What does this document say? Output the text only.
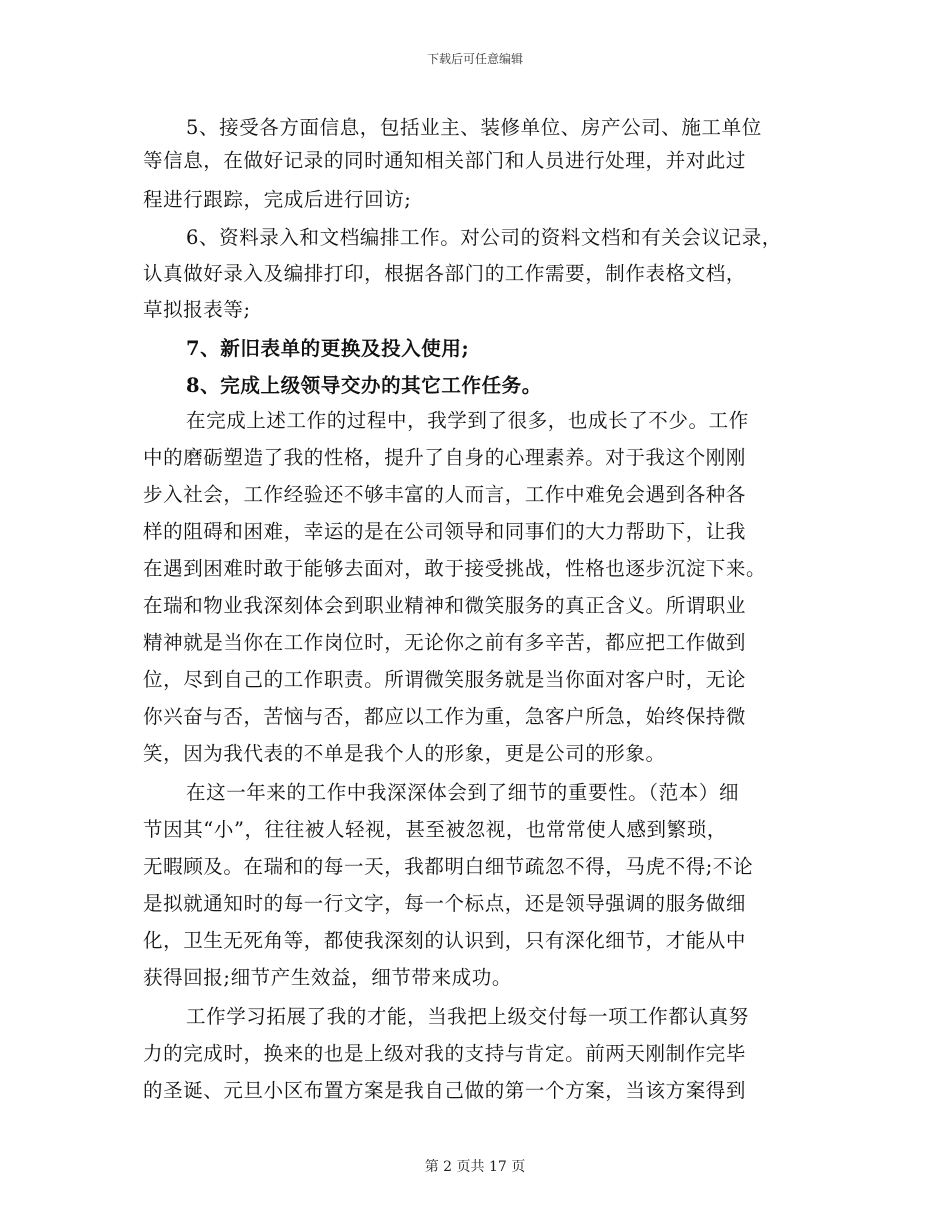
下载后可任意编辑
5、接受各方面信息，包括业主、装修单位、房产公司、施工单位
等信息，在做好记录的同时通知相关部门和人员进行处理，并对此过
程进行跟踪，完成后进行回访;
6、资料录入和文档编排工作。对公司的资料文档和有关会议记录，
认真做好录入及编排打印，根据各部门的工作需要，制作表格文档，
草拟报表等;
7、新旧表单的更换及投入使用;
8、完成上级领导交办的其它工作任务。
在完成上述工作的过程中，我学到了很多，也成长了不少。工作
中的磨砺塑造了我的性格，提升了自身的心理素养。对于我这个刚刚
步入社会，工作经验还不够丰富的人而言，工作中难免会遇到各种各
样的阻碍和困难，幸运的是在公司领导和同事们的大力帮助下，让我
在遇到困难时敢于能够去面对，敢于接受挑战，性格也逐步沉淀下来。
在瑞和物业我深刻体会到职业精神和微笑服务的真正含义。所谓职业
精神就是当你在工作岗位时，无论你之前有多辛苦，都应把工作做到
位，尽到自己的工作职责。所谓微笑服务就是当你面对客户时，无论
你兴奋与否，苦恼与否，都应以工作为重，急客户所急，始终保持微
笑，因为我代表的不单是我个人的形象，更是公司的形象。
在这一年来的工作中我深深体会到了细节的重要性。（范本）细
节因其“小”，往往被人轻视，甚至被忽视，也常常使人感到繁琐，
无暇顾及。在瑞和的每一天，我都明白细节疏忽不得，马虎不得;不论
是拟就通知时的每一行文字，每一个标点，还是领导强调的服务做细
化，卫生无死角等，都使我深刻的认识到，只有深化细节，才能从中
获得回报;细节产生效益，细节带来成功。
工作学习拓展了我的才能，当我把上级交付每一项工作都认真努
力的完成时，换来的也是上级对我的支持与肯定。前两天刚制作完毕
的圣诞、元旦小区布置方案是我自己做的第一个方案，当该方案得到
第 2 页共 17 页
